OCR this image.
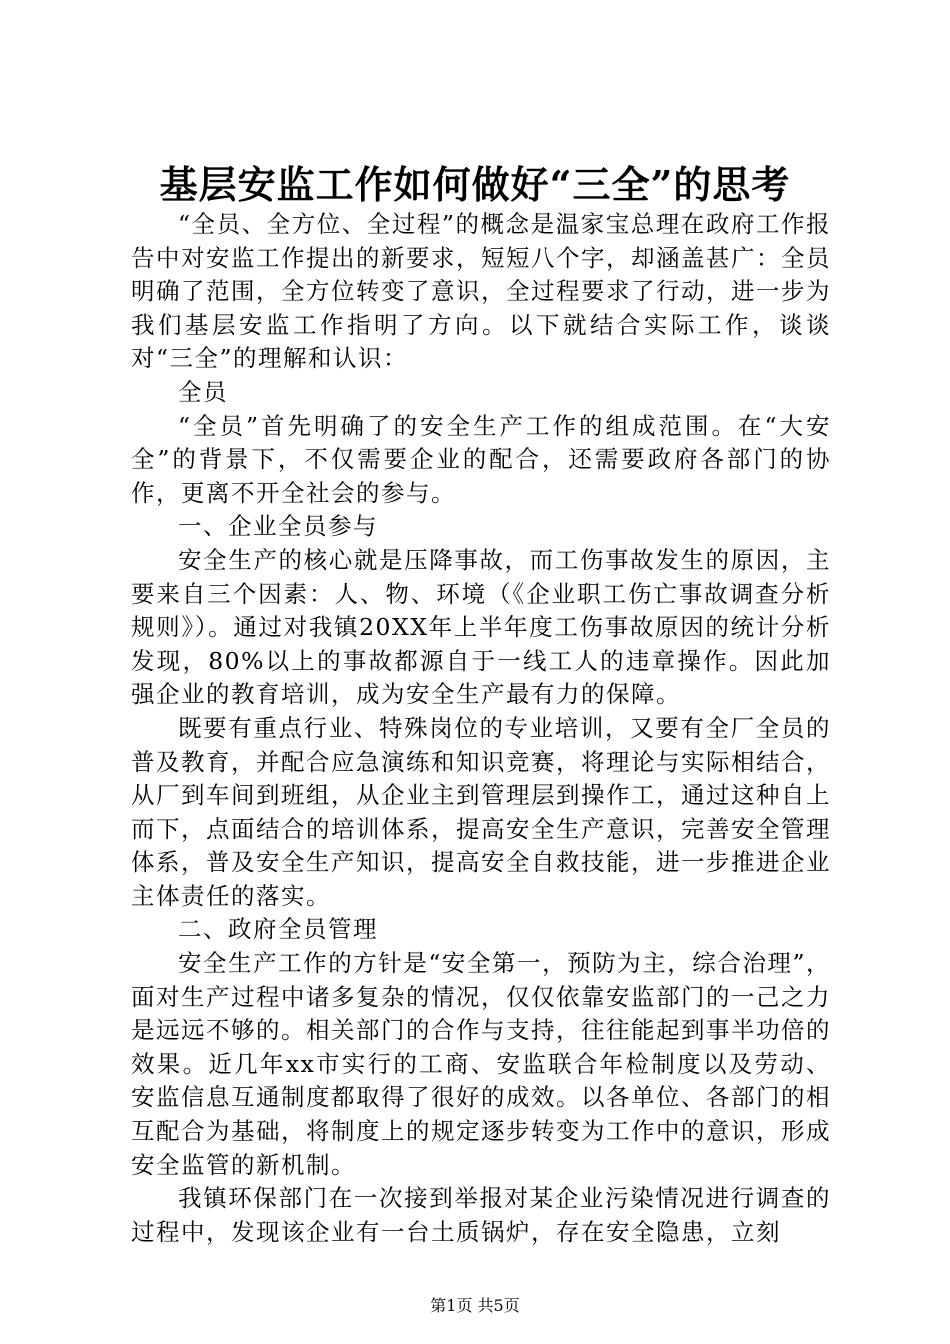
基层安监工作如何做好“三全”的思考

“全员、全方位、全过程”的概念是温家宝总理在政府工作报告中对安监工作提出的新要求，短短八个字，却涵盖甚广：全员明确了范围，全方位转变了意识，全过程要求了行动，进一步为我们基层安监工作指明了方向。以下就结合实际工作，谈谈对“三全”的理解和认识：

全员

“全员”首先明确了的安全生产工作的组成范围。在“大安全”的背景下，不仅需要企业的配合，还需要政府各部门的协作，更离不开全社会的参与。

一、企业全员参与

安全生产的核心就是压降事故，而工伤事故发生的原因，主要来自三个因素：人、物、环境（《企业职工伤亡事故调查分析规则》）。通过对我镇20XX年上半年度工伤事故原因的统计分析发现，80%以上的事故都源自于一线工人的违章操作。因此加强企业的教育培训，成为安全生产最有力的保障。

既要有重点行业、特殊岗位的专业培训，又要有全厂全员的普及教育，并配合应急演练和知识竞赛，将理论与实际相结合，从厂到车间到班组，从企业主到管理层到操作工，通过这种自上而下，点面结合的培训体系，提高安全生产意识，完善安全管理体系，普及安全生产知识，提高安全自救技能，进一步推进企业主体责任的落实。

二、政府全员管理

安全生产工作的方针是“安全第一，预防为主，综合治理”，面对生产过程中诸多复杂的情况，仅仅依靠安监部门的一己之力是远远不够的。相关部门的合作与支持，往往能起到事半功倍的效果。近几年xx市实行的工商、安监联合年检制度以及劳动、安监信息互通制度都取得了很好的成效。以各单位、各部门的相互配合为基础，将制度上的规定逐步转变为工作中的意识，形成安全监管的新机制。

我镇环保部门在一次接到举报对某企业污染情况进行调查的过程中，发现该企业有一台土质锅炉，存在安全隐患，立刻

第1页 共5页
